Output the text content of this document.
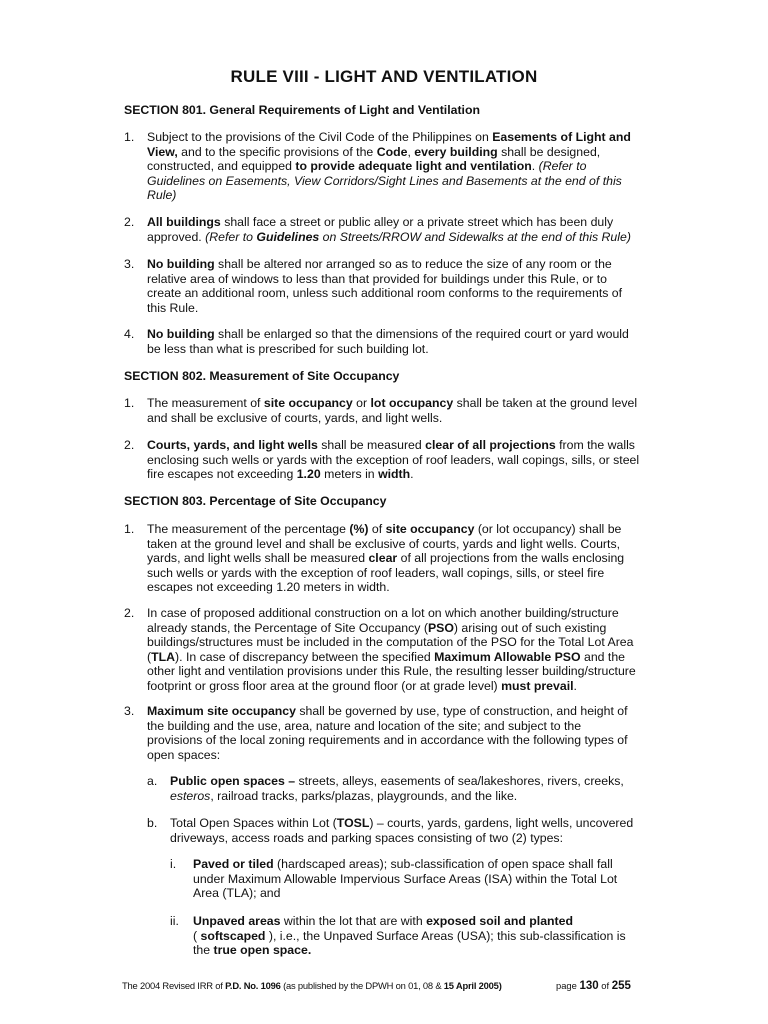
RULE VIII - LIGHT AND VENTILATION
SECTION 801. General Requirements of Light and Ventilation
1. Subject to the provisions of the Civil Code of the Philippines on Easements of Light and
View, and to the specific provisions of the Code, every building shall be designed,
constructed, and equipped to provide adequate light and ventilation. (Refer to
Guidelines on Easements, View Corridors/Sight Lines and Basements at the end of this
Rule)
2. All buildings shall face a street or public alley or a private street which has been duly
approved. (Refer to Guidelines on Streets/RROW and Sidewalks at the end of this Rule)
3. No building shall be altered nor arranged so as to reduce the size of any room or the
relative area of windows to less than that provided for buildings under this Rule, or to
create an additional room, unless such additional room conforms to the requirements of
this Rule.
4. No building shall be enlarged so that the dimensions of the required court or yard would
be less than what is prescribed for such building lot.
SECTION 802. Measurement of Site Occupancy
1. The measurement of site occupancy or lot occupancy shall be taken at the ground level
and shall be exclusive of courts, yards, and light wells.
2. Courts, yards, and light wells shall be measured clear of all projections from the walls
enclosing such wells or yards with the exception of roof leaders, wall copings, sills, or steel
fire escapes not exceeding 1.20 meters in width.
SECTION 803. Percentage of Site Occupancy
1. The measurement of the percentage (%) of site occupancy (or lot occupancy) shall be
taken at the ground level and shall be exclusive of courts, yards and light wells. Courts,
yards, and light wells shall be measured clear of all projections from the walls enclosing
such wells or yards with the exception of roof leaders, wall copings, sills, or steel fire
escapes not exceeding 1.20 meters in width.
2. In case of proposed additional construction on a lot on which another building/structure
already stands, the Percentage of Site Occupancy (PSO) arising out of such existing
buildings/structures must be included in the computation of the PSO for the Total Lot Area
(TLA). In case of discrepancy between the specified Maximum Allowable PSO and the
other light and ventilation provisions under this Rule, the resulting lesser building/structure
footprint or gross floor area at the ground floor (or at grade level) must prevail.
3. Maximum site occupancy shall be governed by use, type of construction, and height of
the building and the use, area, nature and location of the site; and subject to the
provisions of the local zoning requirements and in accordance with the following types of
open spaces:
a. Public open spaces – streets, alleys, easements of sea/lakeshores, rivers, creeks,
esteros, railroad tracks, parks/plazas, playgrounds, and the like.
b. Total Open Spaces within Lot (TOSL) – courts, yards, gardens, light wells, uncovered
driveways, access roads and parking spaces consisting of two (2) types:
i. Paved or tiled (hardscaped areas); sub-classification of open space shall fall
under Maximum Allowable Impervious Surface Areas (ISA) within the Total Lot
Area (TLA); and
ii. Unpaved areas within the lot that are with exposed soil and planted
( softscaped ), i.e., the Unpaved Surface Areas (USA); this sub-classification is
the true open space.
The 2004 Revised IRR of P.D. No. 1096 (as published by the DPWH on 01, 08 & 15 April 2005)	page 130 of 255
